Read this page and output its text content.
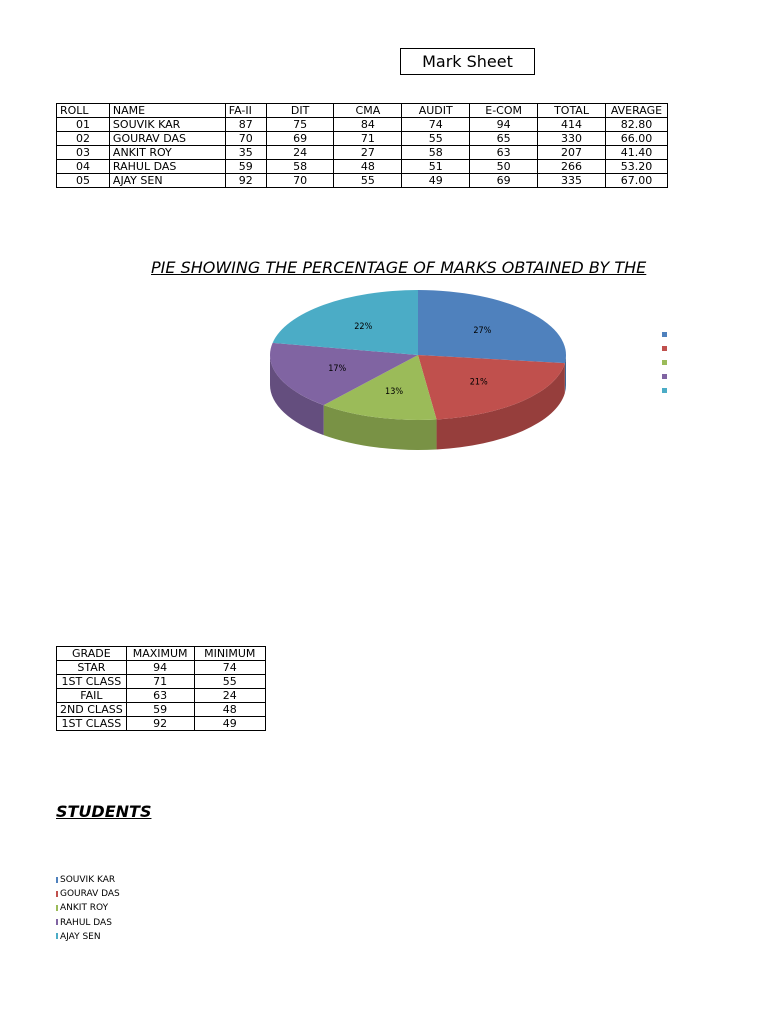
Mark Sheet
ROLL	NAME	FA-II	DIT	CMA	AUDIT	E-COM	TOTAL	AVERAGE
01	SOUVIK KAR	87	75	84	74	94	414	82.80
02	GOURAV DAS	70	69	71	55	65	330	66.00
03	ANKIT ROY	35	24	27	58	63	207	41.40
04	RAHUL DAS	59	58	48	51	50	266	53.20
05	AJAY SEN	92	70	55	49	69	335	67.00
PIE SHOWING THE PERCENTAGE OF MARKS OBTAINED BY THE
27%
21%
13%
17%
22%
GRADE	MAXIMUM	MINIMUM
STAR	94	74
1ST CLASS	71	55
FAIL	63	24
2ND CLASS	59	48
1ST CLASS	92	49
STUDENTS
SOUVIK KAR
GOURAV DAS
ANKIT ROY
RAHUL DAS
AJAY SEN
